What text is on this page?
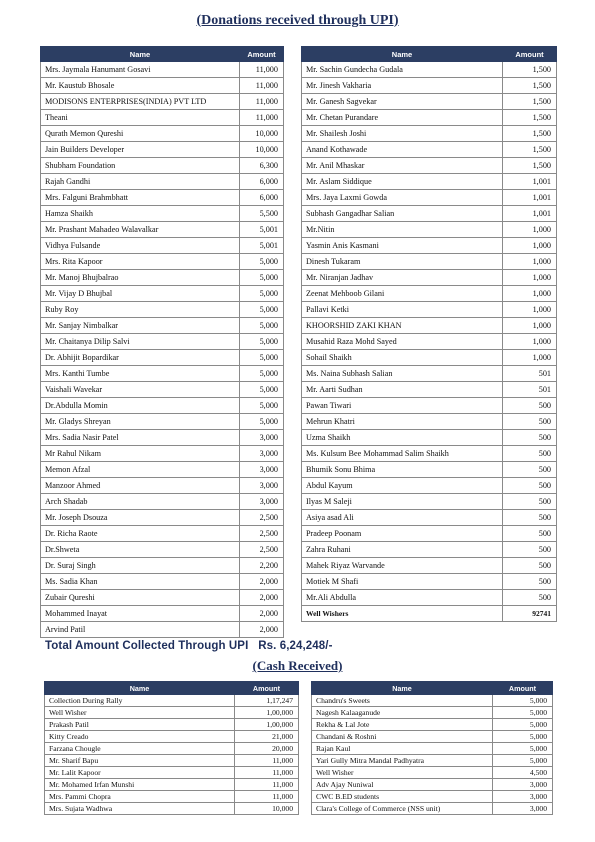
(Donations received through UPI)
Name	Amount
Mrs. Jaymala Hanumant Gosavi	11,000
Mr. Kaustub Bhosale	11,000
MODISONS ENTERPRISES(INDIA) PVT LTD	11,000
Theani	11,000
Qurath Memon Qureshi	10,000
Jain Builders Developer	10,000
Shubham Foundation	6,300
Rajah Gandhi	6,000
Mrs. Falguni Brahmbhatt	6,000
Hamza Shaikh	5,500
Mr. Prashant Mahadeo Walavalkar	5,001
Vidhya Fulsande	5,001
Mrs. Rita Kapoor	5,000
Mr. Manoj Bhujbalrao	5,000
Mr. Vijay D Bhujbal	5,000
Ruby Roy	5,000
Mr. Sanjay Nimbalkar	5,000
Mr. Chaitanya Dilip Salvi	5,000
Dr. Abhijit Bopardikar	5,000
Mrs. Kanthi Tumbe	5,000
Vaishali Wavekar	5,000
Dr.Abdulla Momin	5,000
Mr. Gladys Shreyan	5,000
Mrs. Sadia Nasir Patel	3,000
Mr Rahul Nikam	3,000
Memon Afzal	3,000
Manzoor Ahmed	3,000
Arch Shadab	3,000
Mr. Joseph Dsouza	2,500
Dr. Richa Raote	2,500
Dr.Shweta	2,500
Dr. Suraj Singh	2,200
Ms. Sadia Khan	2,000
Zubair Qureshi	2,000
Mohammed Inayat	2,000
Arvind Patil	2,000
Name	Amount
Mr. Sachin Gundecha Gudala	1,500
Mr. Jinesh Vakharia	1,500
Mr. Ganesh Sagvekar	1,500
Mr. Chetan Purandare	1,500
Mr. Shailesh Joshi	1,500
Anand Kothawade	1,500
Mr. Anil Mhaskar	1,500
Mr. Aslam Siddique	1,001
Mrs. Jaya Laxmi Gowda	1,001
Subhash Gangadhar Salian	1,001
Mr.Nitin	1,000
Yasmin Anis Kasmani	1,000
Dinesh Tukaram	1,000
Mr. Niranjan Jadhav	1,000
Zeenat Mehboob Gilani	1,000
Pallavi Ketki	1,000
KHOORSHID ZAKI KHAN	1,000
Musahid Raza Mohd Sayed	1,000
Sohail Shaikh	1,000
Ms. Naina Subhash Salian	501
Mr. Aarti Sudhan	501
Pawan Tiwari	500
Mehrun Khatri	500
Uzma Shaikh	500
Ms. Kulsum Bee Mohammad Salim Shaikh	500
Bhumik Sonu Bhima	500
Abdul Kayum	500
Ilyas M Saleji	500
Asiya asad Ali	500
Pradeep Poonam	500
Zahra Ruhani	500
Mahek Riyaz Warvande	500
Motiek M Shafi	500
Mr.Ali Abdulla	500
Well Wishers	92741
Total Amount Collected Through UPI   Rs. 6,24,248/-
(Cash Received)
Name	Amount
Collection During Rally	1,17,247
Well Wisher	1,00,000
Prakash Patil	1,00,000
Kitty Creado	21,000
Farzana Chougle	20,000
Mr. Sharif Bapu	11,000
Mr. Lalit Kapoor	11,000
Mr. Mohamed Irfan Munshi	11,000
Mrs. Pammi Chopra	11,000
Mrs. Sujata Wadhwa	10,000
Name	Amount
Chandru's Sweets	5,000
Nagesh Kalaaganude	5,000
Rekha & Lal Jote	5,000
Chandani & Roshni	5,000
Rajan Kaul	5,000
Yari Gully Mitra Mandal Padhyatra	5,000
Well Wisher	4,500
Adv Ajay Nuniwal	3,000
CWC B.ED students	3,000
Clara's College of Commerce (NSS unit)	3,000
